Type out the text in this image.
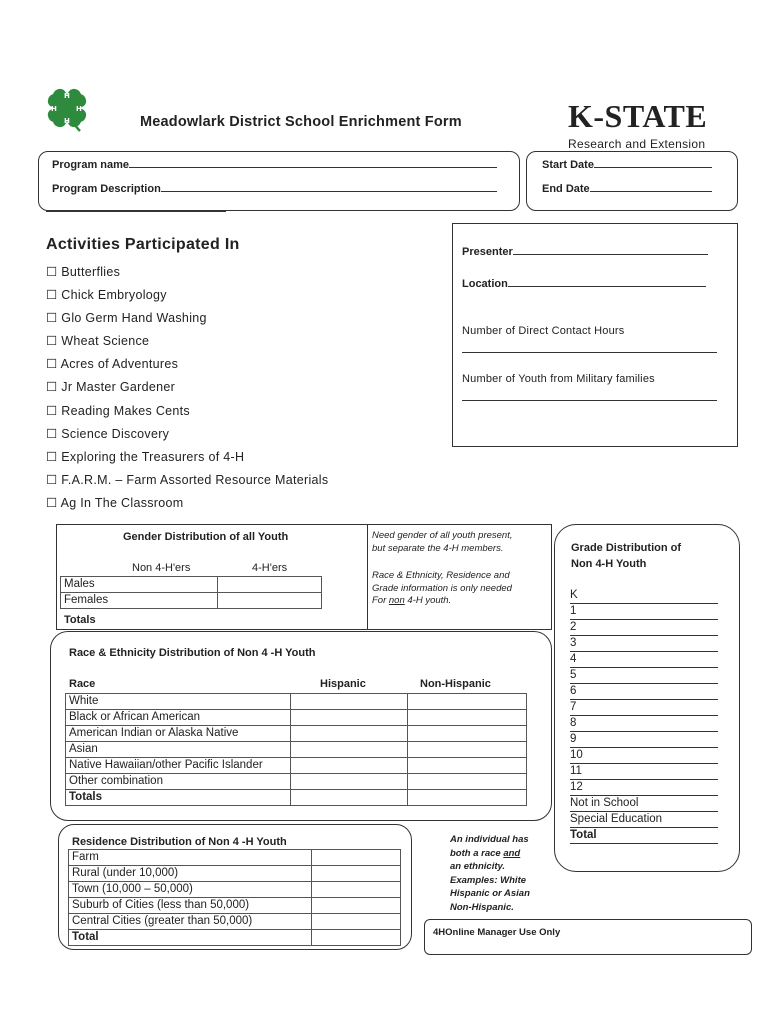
H
H
H
H
Meadowlark District School Enrichment Form	K-STATE
Research and Extension
Program name
Program Description
Start Date
End Date
Activities Participated In
☐ Butterflies
☐ Chick Embryology
☐ Glo Germ Hand Washing
☐ Wheat Science
☐ Acres of Adventures
☐ Jr Master Gardener
☐ Reading Makes Cents
☐ Science Discovery
☐ Exploring the Treasurers of 4-H
☐ F.A.R.M. – Farm Assorted Resource Materials
☐ Ag In The Classroom
Presenter
Location
Number of Direct Contact Hours
Number of Youth from Military families
Gender Distribution of all Youth
Non 4-H'ers	4-H'ers
Males	
Females	
Totals
Need gender of all youth present,
but separate the 4-H members.
Race & Ethnicity, Residence and
Grade information is only needed
For non 4-H youth.
Race & Ethnicity Distribution of Non 4 -H Youth
Race	Hispanic	Non-Hispanic
White		
Black or African American		
American Indian or Alaska Native		
Asian		
Native Hawaiian/other Pacific Islander		
Other combination		
Totals		
Grade Distribution of
Non 4-H Youth
K
1
2
3
4
5
6
7
8
9
10
11
12
Not in School
Special Education
Total
Residence Distribution of Non 4 -H Youth
Farm	
Rural (under 10,000)	
Town (10,000 – 50,000)	
Suburb of Cities (less than 50,000)	
Central Cities (greater than 50,000)	
Total	
An individual has
both a race and
an ethnicity.
Examples: White
Hispanic or Asian
Non-Hispanic.
4HOnline Manager Use Only
